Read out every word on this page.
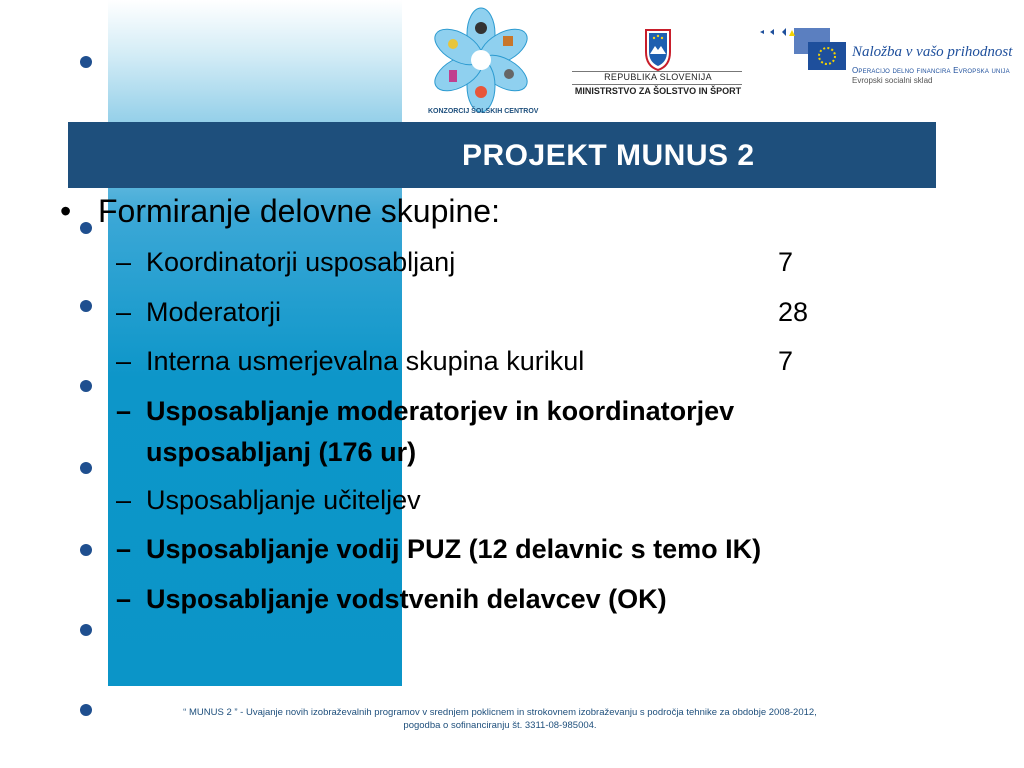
KONZORCIJ ŠOLSKIH CENTROV
REPUBLIKA SLOVENIJA
MINISTRSTVO ZA ŠOLSTVO IN ŠPORT
Naložba v vašo prihodnost
Operacijo delno financira Evropska unija
Evropski socialni sklad
PROJEKT MUNUS 2
• Formiranje delovne skupine:
– Koordinatorji usposabljanj	7
– Moderatorji	28
– Interna usmerjevalna skupina kurikul	7
– Usposabljanje moderatorjev in koordinatorjev
usposabljanj (176 ur)
– Usposabljanje učiteljev
– Usposabljanje vodij PUZ (12 delavnic s temo IK)
– Usposabljanje vodstvenih delavcev (OK)
“ MUNUS 2 ” - Uvajanje novih izobraževalnih programov v srednjem poklicnem in strokovnem izobraževanju s področja tehnike za obdobje 2008-2012,
pogodba o sofinanciranju št. 3311-08-985004.
